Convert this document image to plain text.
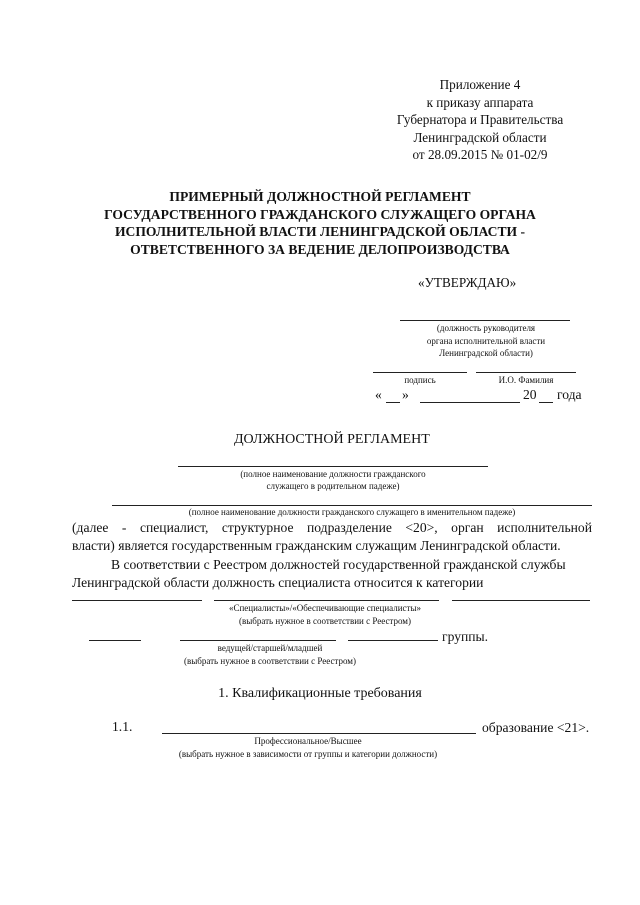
Приложение 4
к приказу аппарата
Губернатора и Правительства
Ленинградской области
от 28.09.2015 № 01-02/9
ПРИМЕРНЫЙ ДОЛЖНОСТНОЙ РЕГЛАМЕНТ
ГОСУДАРСТВЕННОГО ГРАЖДАНСКОГО СЛУЖАЩЕГО ОРГАНА
ИСПОЛНИТЕЛЬНОЙ ВЛАСТИ ЛЕНИНГРАДСКОЙ ОБЛАСТИ -
ОТВЕТСТВЕННОГО ЗА ВЕДЕНИЕ ДЕЛОПРОИЗВОДСТВА
«УТВЕРЖДАЮ»
(должность руководителя
органа исполнительной власти
Ленинградской области)
подпись	И.О. Фамилия
« »	20 года
ДОЛЖНОСТНОЙ РЕГЛАМЕНТ
(полное наименование должности гражданского
служащего в родительном падеже)
(полное наименование должности гражданского служащего в именительном падеже)
(далее - специалист, структурное подразделение <20>, орган исполнительной
власти) является государственным гражданским служащим Ленинградской области.
В соответствии с Реестром должностей государственной гражданской службы
Ленинградской области должность специалиста относится к категории
«Специалисты»/«Обеспечивающие специалисты»
(выбрать нужное в соответствии с Реестром)
группы.
ведущей/старшей/младшей
(выбрать нужное в соответствии с Реестром)
1. Квалификационные требования
1.1.	образование <21>.
Профессиональное/Высшее
(выбрать нужное в зависимости от группы и категории должности)
